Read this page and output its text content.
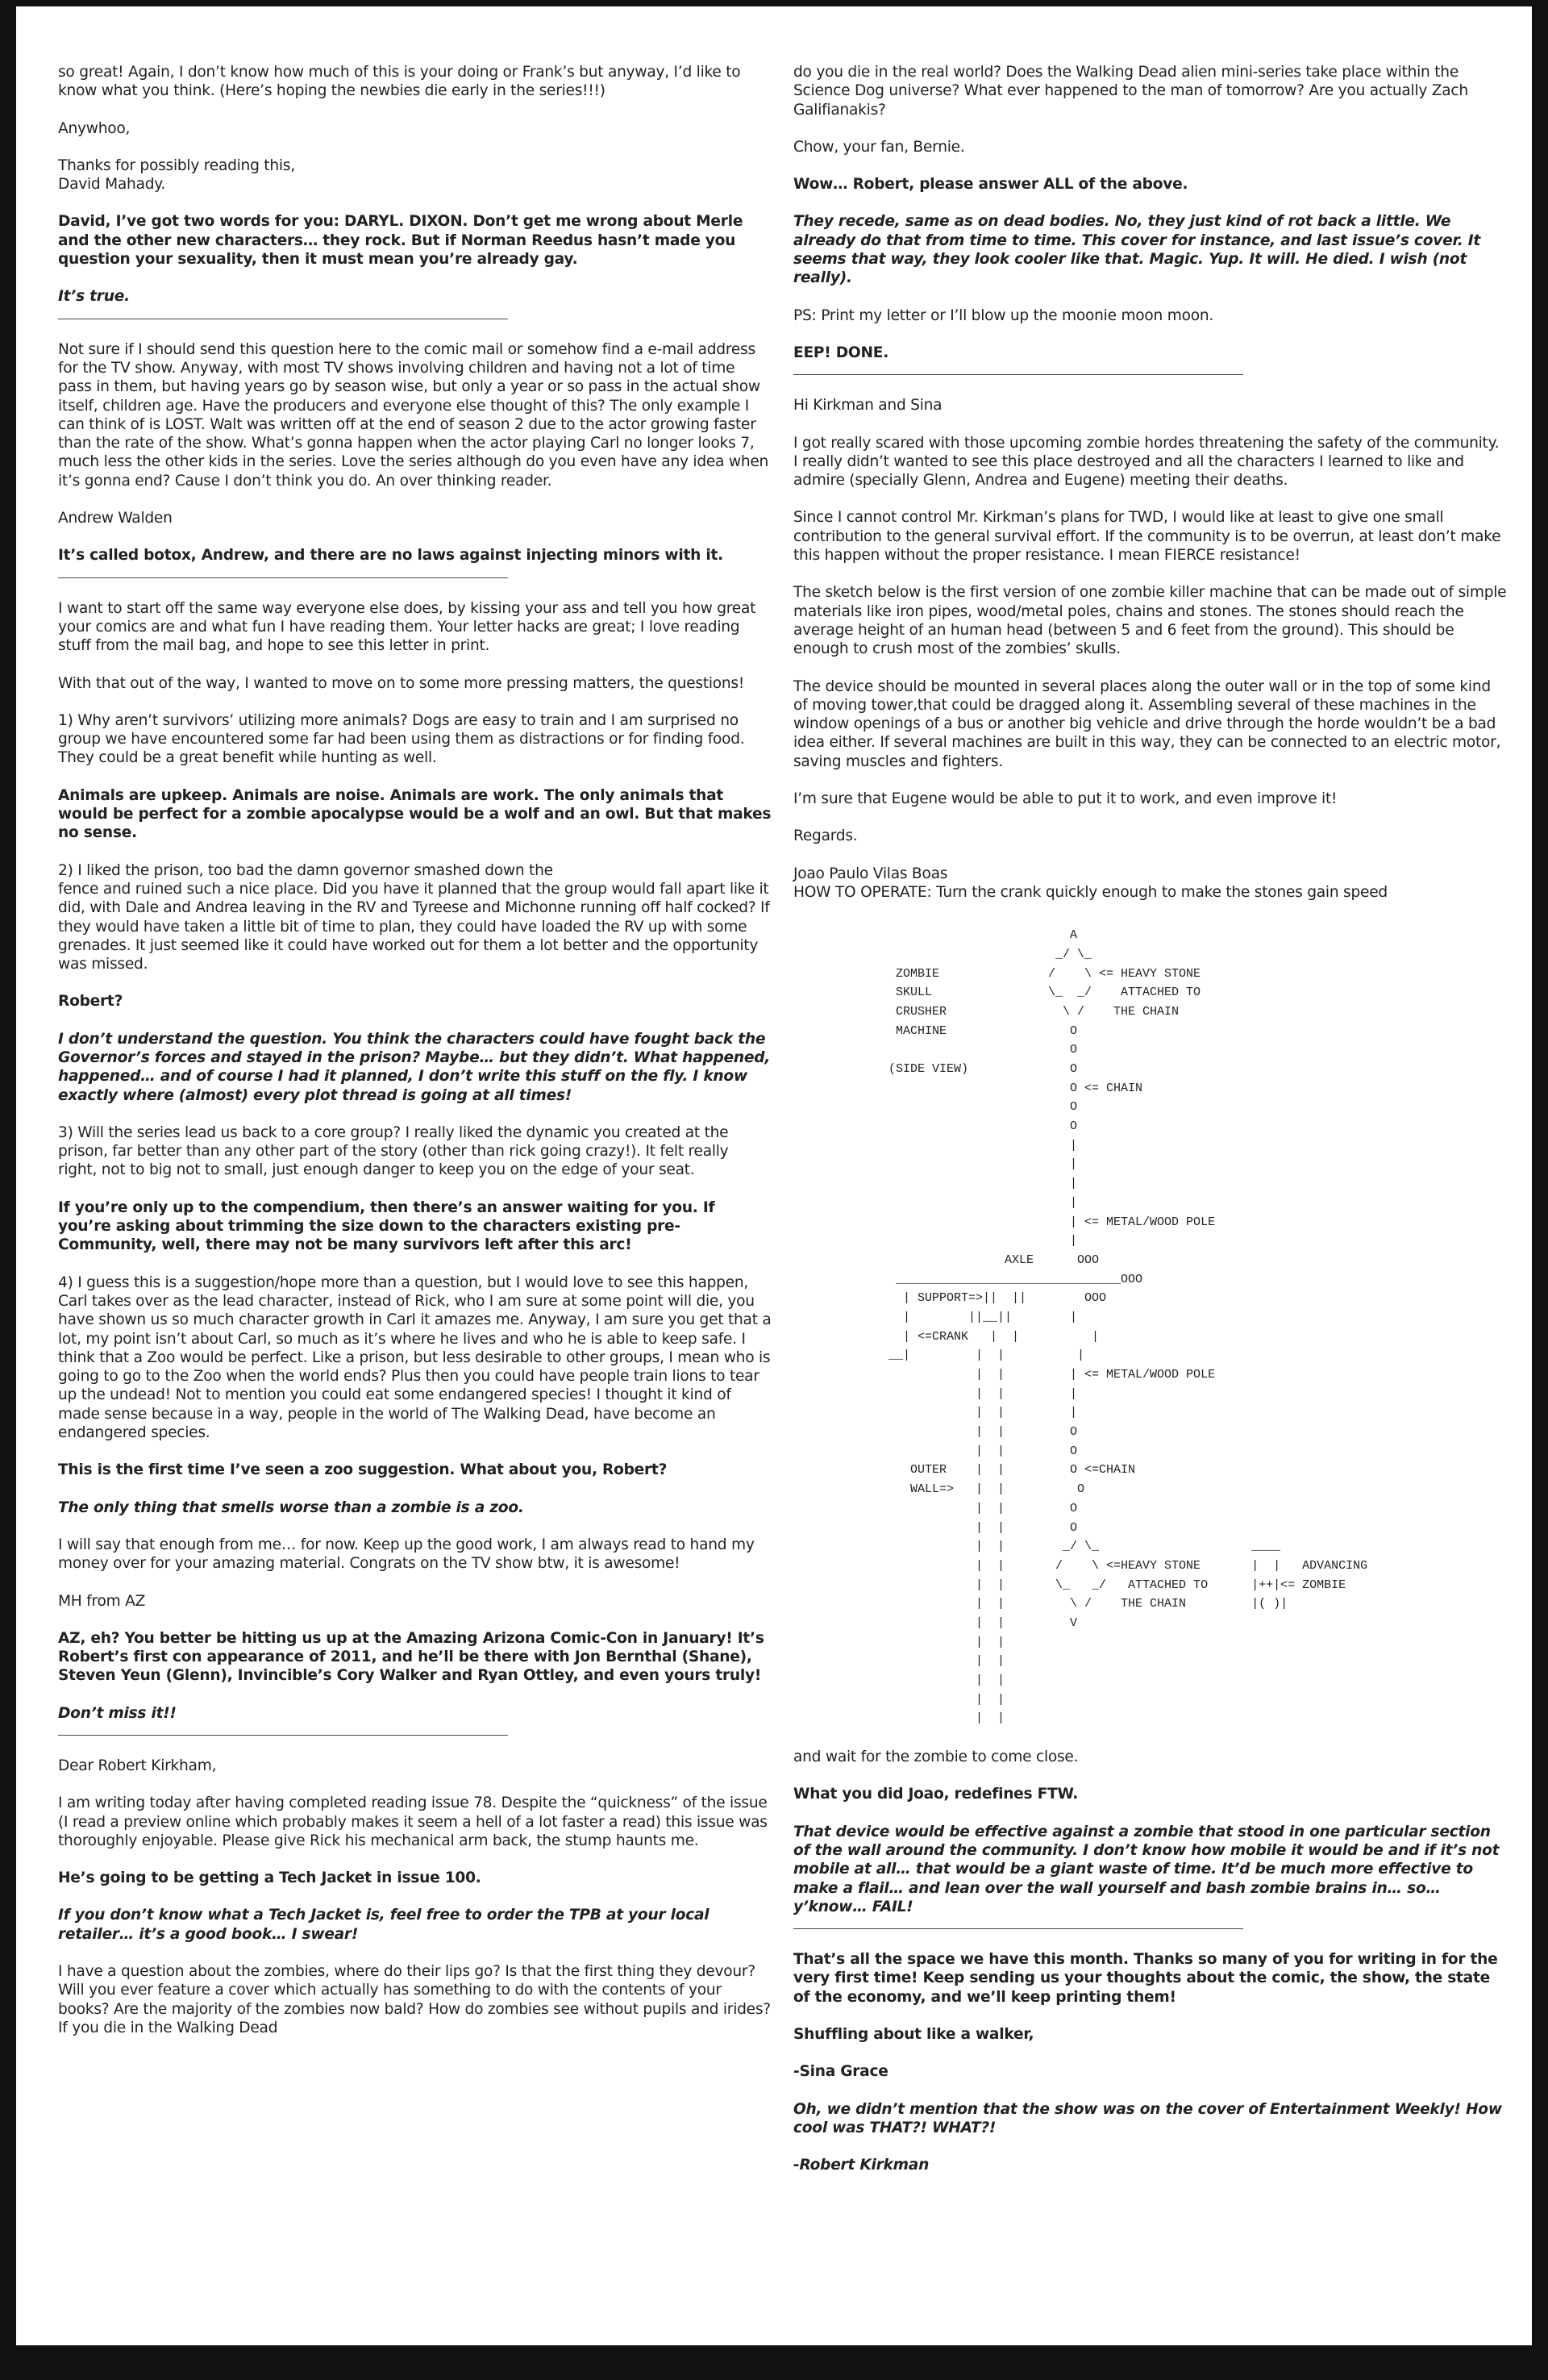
so great! Again, I don’t know how much of this is your doing or Frank’s but anyway, I’d like to know what you think. (Here’s hoping the newbies die early in the series!!!)

Anywhoo,

Thanks for possibly reading this,
David Mahady.

David, I’ve got two words for you: DARYL. DIXON. Don’t get me wrong about Merle and the other new characters… they rock. But if Norman Reedus hasn’t made you question your sexuality, then it must mean you’re already gay.

It’s true.

Not sure if I should send this question here to the comic mail or somehow find a e-mail address for the TV show. Anyway, with most TV shows involving children and having not a lot of time pass in them, but having years go by season wise, but only a year or so pass in the actual show itself, children age. Have the producers and everyone else thought of this? The only example I can think of is LOST. Walt was written off at the end of season 2 due to the actor growing faster than the rate of the show. What’s gonna happen when the actor playing Carl no longer looks 7, much less the other kids in the series. Love the series although do you even have any idea when it’s gonna end? Cause I don’t think you do. An over thinking reader.

Andrew Walden

It’s called botox, Andrew, and there are no laws against injecting minors with it.

I want to start off the same way everyone else does, by kissing your ass and tell you how great your comics are and what fun I have reading them. Your letter hacks are great; I love reading stuff from the mail bag, and hope to see this letter in print.

With that out of the way, I wanted to move on to some more pressing matters, the questions!

1) Why aren’t survivors’ utilizing more animals? Dogs are easy to train and I am surprised no group we have encountered some far had been using them as distractions or for finding food. They could be a great benefit while hunting as well.

Animals are upkeep. Animals are noise. Animals are work. The only animals that would be perfect for a zombie apocalypse would be a wolf and an owl. But that makes no sense.

2) I liked the prison, too bad the damn governor smashed down the
fence and ruined such a nice place. Did you have it planned that the group would fall apart like it did, with Dale and Andrea leaving in the RV and Tyreese and Michonne running off half cocked? If they would have taken a little bit of time to plan, they could have loaded the RV up with some grenades. It just seemed like it could have worked out for them a lot better and the opportunity was missed.

Robert?

I don’t understand the question. You think the characters could have fought back the Governor’s forces and stayed in the prison? Maybe… but they didn’t. What happened, happened… and of course I had it planned, I don’t write this stuff on the fly. I know exactly where (almost) every plot thread is going at all times!

3) Will the series lead us back to a core group? I really liked the dynamic you created at the prison, far better than any other part of the story (other than rick going crazy!). It felt really right, not to big not to small, just enough danger to keep you on the edge of your seat.

If you’re only up to the compendium, then there’s an answer waiting for you. If you’re asking about trimming the size down to the characters existing pre-Community, well, there may not be many survivors left after this arc!

4) I guess this is a suggestion/hope more than a question, but I would love to see this happen, Carl takes over as the lead character, instead of Rick, who I am sure at some point will die, you have shown us so much character growth in Carl it amazes me. Anyway, I am sure you get that a lot, my point isn’t about Carl, so much as it’s where he lives and who he is able to keep safe. I think that a Zoo would be perfect. Like a prison, but less desirable to other groups, I mean who is going to go to the Zoo when the world ends? Plus then you could have people train lions to tear up the undead! Not to mention you could eat some endangered species! I thought it kind of made sense because in a way, people in the world of The Walking Dead, have become an endangered species.

This is the first time I’ve seen a zoo suggestion. What about you, Robert?

The only thing that smells worse than a zombie is a zoo.

I will say that enough from me… for now. Keep up the good work, I am always read to hand my money over for your amazing material. Congrats on the TV show btw, it is awesome!

MH from AZ

AZ, eh? You better be hitting us up at the Amazing Arizona Comic-Con in January! It’s Robert’s first con appearance of 2011, and he’ll be there with Jon Bernthal (Shane), Steven Yeun (Glenn), Invincible’s Cory Walker and Ryan Ottley, and even yours truly!

Don’t miss it!!

Dear Robert Kirkham,

I am writing today after having completed reading issue 78. Despite the “quickness” of the issue (I read a preview online which probably makes it seem a hell of a lot faster a read) this issue was thoroughly enjoyable. Please give Rick his mechanical arm back, the stump haunts me.

He’s going to be getting a Tech Jacket in issue 100.

If you don’t know what a Tech Jacket is, feel free to order the TPB at your local retailer… it’s a good book… I swear!

I have a question about the zombies, where do their lips go? Is that the first thing they devour? Will you ever feature a cover which actually has something to do with the contents of your books? Are the majority of the zombies now bald? How do zombies see without pupils and irides? If you die in the Walking Dead

do you die in the real world? Does the Walking Dead alien mini-series take place within the Science Dog universe? What ever happened to the man of tomorrow? Are you actually Zach Galifianakis?

Chow, your fan, Bernie.

Wow… Robert, please answer ALL of the above.

They recede, same as on dead bodies. No, they just kind of rot back a little. We already do that from time to time. This cover for instance, and last issue’s cover. It seems that way, they look cooler like that. Magic. Yup. It will. He died. I wish (not really).

PS: Print my letter or I’ll blow up the moonie moon moon.

EEP! DONE.

Hi Kirkman and Sina

I got really scared with those upcoming zombie hordes threatening the safety of the community. I really didn’t wanted to see this place destroyed and all the characters I learned to like and admire (specially Glenn, Andrea and Eugene) meeting their deaths.

Since I cannot control Mr. Kirkman’s plans for TWD, I would like at least to give one small contribution to the general survival effort. If the community is to be overrun, at least don’t make this happen without the proper resistance. I mean FIERCE resistance!

The sketch below is the first version of one zombie killer machine that can be made out of simple materials like iron pipes, wood/metal poles, chains and stones. The stones should reach the average height of an human head (between 5 and 6 feet from the ground). This should be enough to crush most of the zombies’ skulls.

The device should be mounted in several places along the outer wall or in the top of some kind of moving tower,that could be dragged along it. Assembling several of these machines in the window openings of a bus or another big vehicle and drive through the horde wouldn’t be a bad idea either. If several machines are built in this way, they can be connected to an electric motor, saving muscles and fighters.

I’m sure that Eugene would be able to put it to work, and even improve it!

Regards.

Joao Paulo Vilas Boas
HOW TO OPERATE: Turn the crank quickly enough to make the stones gain speed

A
_/ \_
ZOMBIE               /    \ <= HEAVY STONE
SKULL                \_  _/    ATTACHED TO
CRUSHER                \ /    THE CHAIN
MACHINE                 O
O
(SIDE VIEW)              O
O <= CHAIN
O
O
|
|
|
|
| <= METAL/WOOD POLE
|
AXLE      OOO
_______________________________OOO
| SUPPORT=>||  ||        OOO
|        ||__||        |
| <=CRANK   |  |          |
__|         |  |          |
|  |         | <= METAL/WOOD POLE
|  |         |
|  |         |
|  |         O
|  |         O
OUTER    |  |         O <=CHAIN
WALL=>   |  |          O
|  |         O
|  |         O
|  |        _/ \_                     ____
|  |       /    \ <=HEAVY STONE       |  |   ADVANCING
|  |       \_   _/   ATTACHED TO      |++|<= ZOMBIE
|  |         \ /    THE CHAIN         |( )|
|  |         V
|  |
|  |
|  |
|  |
|  |

and wait for the zombie to come close.

What you did Joao, redefines FTW.

That device would be effective against a zombie that stood in one particular section of the wall around the community. I don’t know how mobile it would be and if it’s not mobile at all… that would be a giant waste of time. It’d be much more effective to make a flail… and lean over the wall yourself and bash zombie brains in… so… y’know… FAIL!

That’s all the space we have this month. Thanks so many of you for writing in for the very first time! Keep sending us your thoughts about the comic, the show, the state of the economy, and we’ll keep printing them!

Shuffling about like a walker,

-Sina Grace

Oh, we didn’t mention that the show was on the cover of Entertainment Weekly! How cool was THAT?! WHAT?!

-Robert Kirkman
